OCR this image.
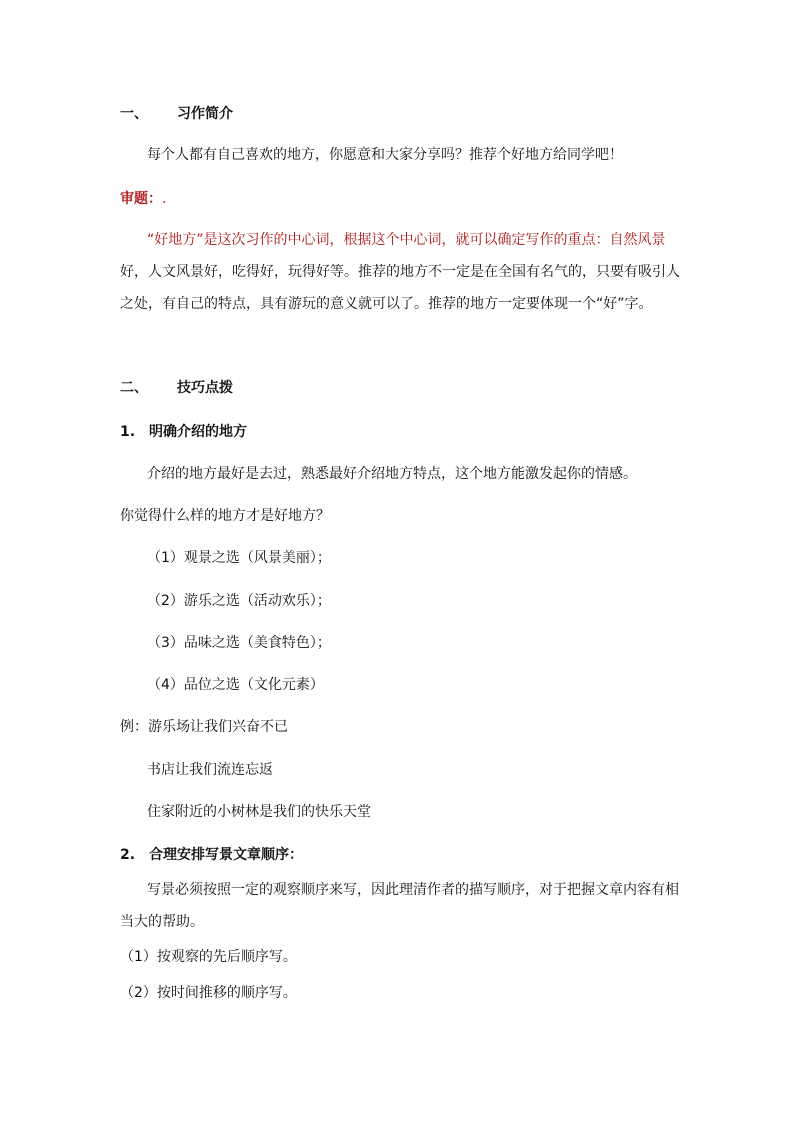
一、 习作简介
每个人都有自己喜欢的地方，你愿意和大家分享吗？推荐个好地方给同学吧！
审题：.
“好地方”是这次习作的中心词，根据这个中心词，就可以确定写作的重点：自然风景
好，人文风景好，吃得好，玩得好等。推荐的地方不一定是在全国有名气的，只要有吸引人
之处，有自己的特点，具有游玩的意义就可以了。推荐的地方一定要体现一个“好”字。
二、 技巧点拨
1. 明确介绍的地方
介绍的地方最好是去过，熟悉最好介绍地方特点，这个地方能激发起你的情感。
你觉得什么样的地方才是好地方？
（1）观景之选（风景美丽）；
（2）游乐之选（活动欢乐）；
（3）品味之选（美食特色）；
（4）品位之选（文化元素）
例：游乐场让我们兴奋不已
书店让我们流连忘返
住家附近的小树林是我们的快乐天堂
2. 合理安排写景文章顺序：
写景必须按照一定的观察顺序来写，因此理清作者的描写顺序，对于把握文章内容有相
当大的帮助。
（1）按观察的先后顺序写。
（2）按时间推移的顺序写。
